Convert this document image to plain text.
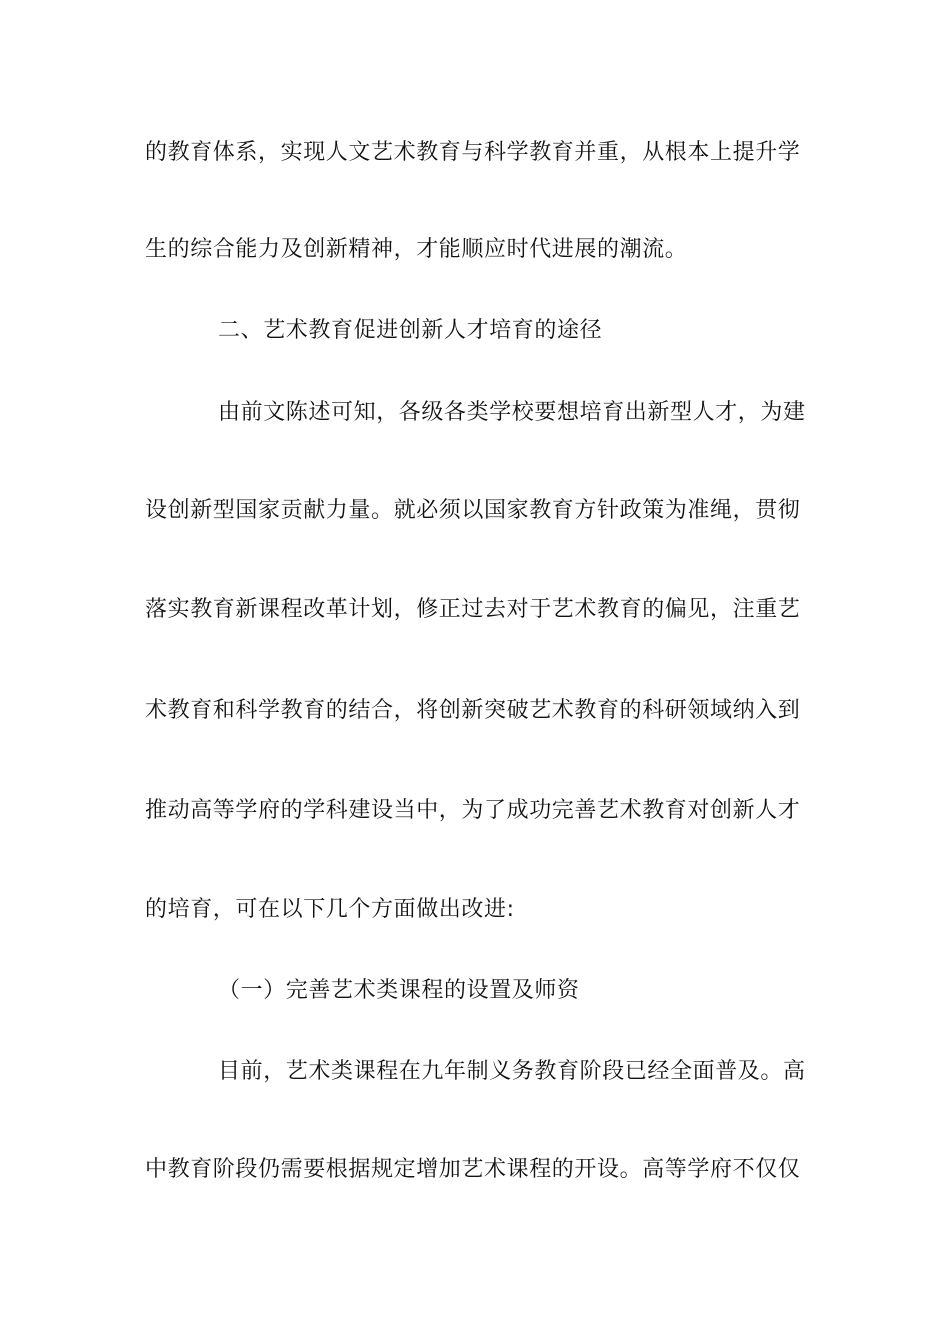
的教育体系，实现人文艺术教育与科学教育并重，从根本上提升学
生的综合能力及创新精神，才能顺应时代进展的潮流。
二、艺术教育促进创新人才培育的途径
由前文陈述可知，各级各类学校要想培育出新型人才，为建
设创新型国家贡献力量。就必须以国家教育方针政策为准绳，贯彻
落实教育新课程改革计划，修正过去对于艺术教育的偏见，注重艺
术教育和科学教育的结合，将创新突破艺术教育的科研领域纳入到
推动高等学府的学科建设当中，为了成功完善艺术教育对创新人才
的培育，可在以下几个方面做出改进:
（一）完善艺术类课程的设置及师资
目前，艺术类课程在九年制义务教育阶段已经全面普及。高
中教育阶段仍需要根据规定增加艺术课程的开设。高等学府不仅仅
